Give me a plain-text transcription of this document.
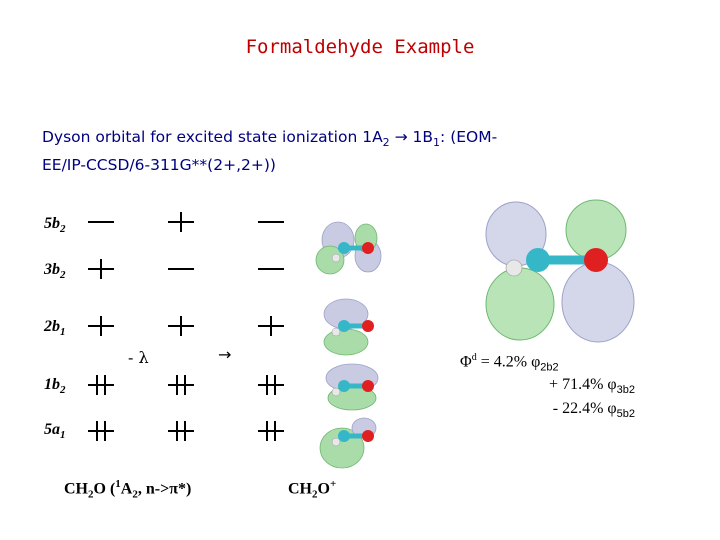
Formaldehyde Example
Dyson orbital for excited state ionization $1A_2 \to 1B_1$: (EOM-
EE/IP-CCSD/6-311G**(2+,2+))
$5b_2$
$3b_2$
$2b_1$
$1b_2$
$5a_1$
- λ	→
$CH_2O$ ($^1A_2$, n->π*)	$CH_2O^+$
$\Phi^d = 4.2\%$ $\varphi_{2b2}$
+ 71.4% $\varphi_{3b2}$
- 22.4% $\varphi_{5b2}$
